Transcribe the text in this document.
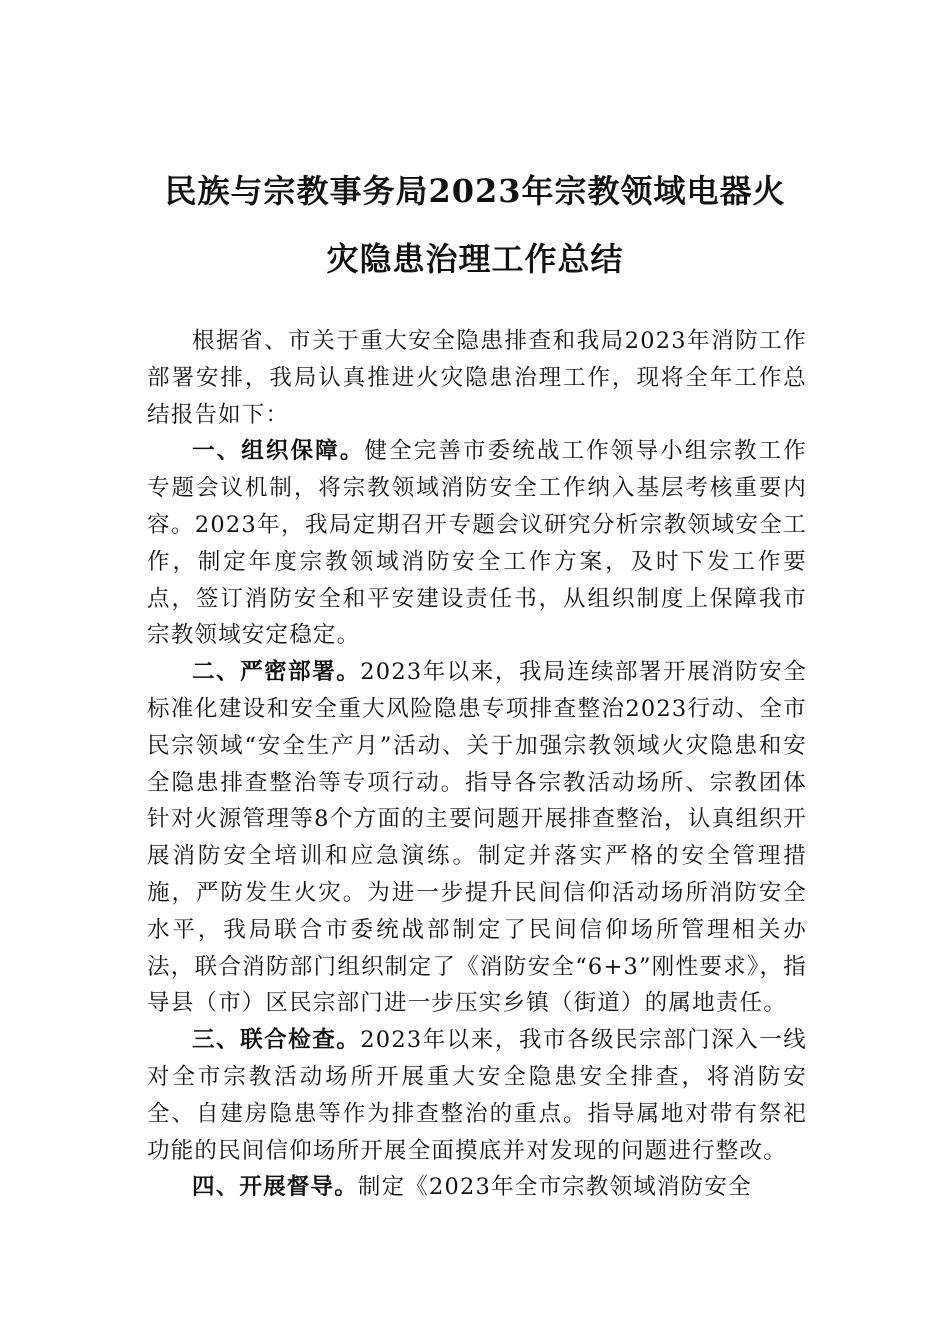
民族与宗教事务局2023年宗教领域电器火
灾隐患治理工作总结

根据省、市关于重大安全隐患排查和我局2023年消防工作部署安排，我局认真推进火灾隐患治理工作，现将全年工作总结报告如下：

一、组织保障。健全完善市委统战工作领导小组宗教工作专题会议机制，将宗教领域消防安全工作纳入基层考核重要内容。2023年，我局定期召开专题会议研究分析宗教领域安全工作，制定年度宗教领域消防安全工作方案，及时下发工作要点，签订消防安全和平安建设责任书，从组织制度上保障我市宗教领域安定稳定。

二、严密部署。2023年以来，我局连续部署开展消防安全标准化建设和安全重大风险隐患专项排查整治2023行动、全市民宗领域“安全生产月”活动、关于加强宗教领域火灾隐患和安全隐患排查整治等专项行动。指导各宗教活动场所、宗教团体针对火源管理等8个方面的主要问题开展排查整治，认真组织开展消防安全培训和应急演练。制定并落实严格的安全管理措施，严防发生火灾。为进一步提升民间信仰活动场所消防安全水平，我局联合市委统战部制定了民间信仰场所管理相关办法，联合消防部门组织制定了《消防安全“6+3”刚性要求》，指导县（市）区民宗部门进一步压实乡镇（街道）的属地责任。

三、联合检查。2023年以来，我市各级民宗部门深入一线对全市宗教活动场所开展重大安全隐患安全排查，将消防安全、自建房隐患等作为排查整治的重点。指导属地对带有祭祀功能的民间信仰场所开展全面摸底并对发现的问题进行整改。

四、开展督导。制定《2023年全市宗教领域消防安全
